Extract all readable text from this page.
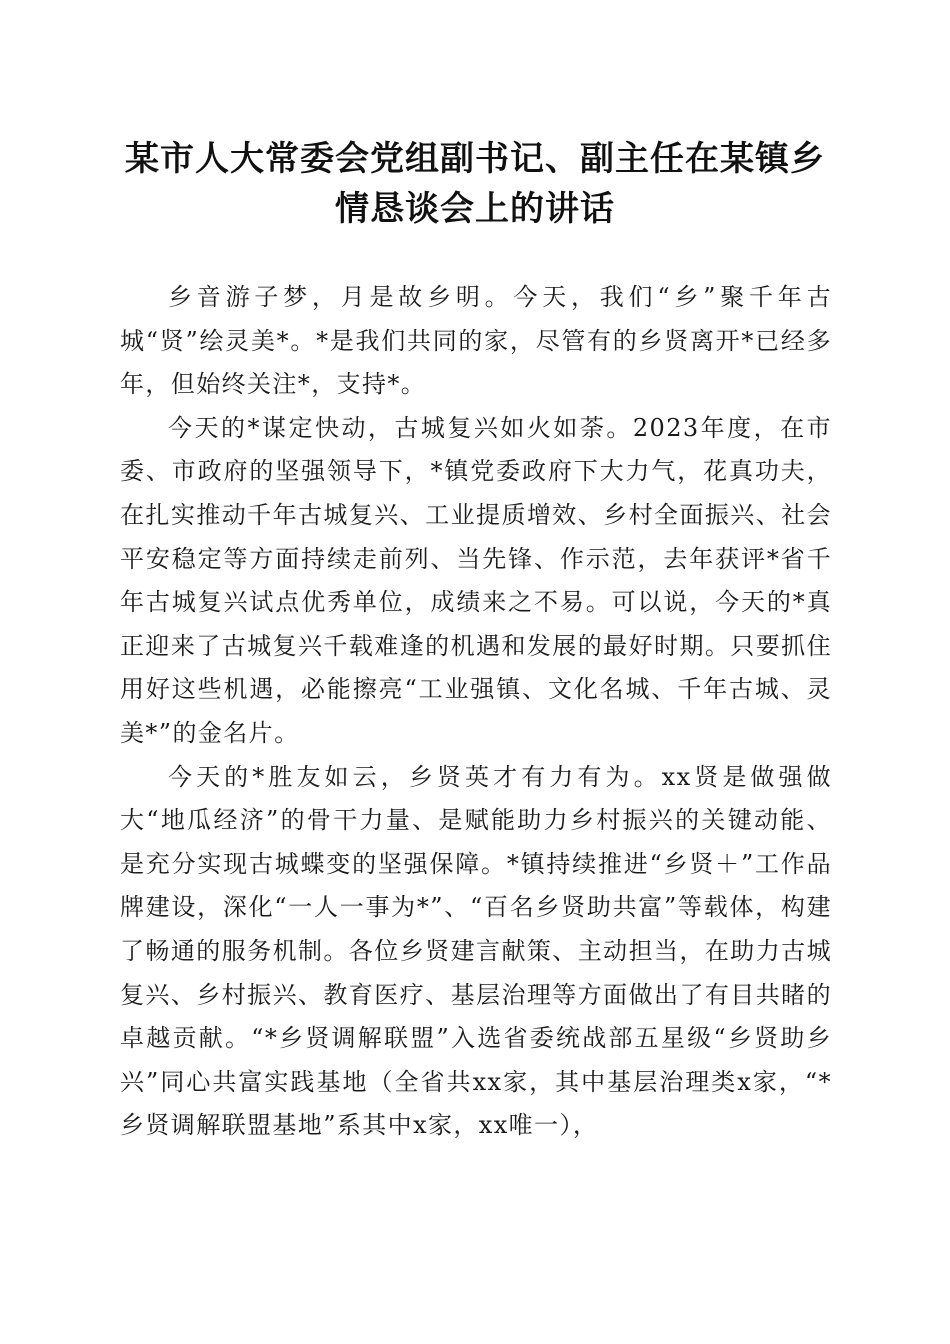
某市人大常委会党组副书记、副主任在某镇乡
情恳谈会上的讲话

乡音游子梦，月是故乡明。今天，我们“乡”聚千年古城“贤”绘灵美*。*是我们共同的家，尽管有的乡贤离开*已经多年，但始终关注*，支持*。

今天的*谋定快动，古城复兴如火如荼。2023年度，在市委、市政府的坚强领导下，*镇党委政府下大力气，花真功夫，在扎实推动千年古城复兴、工业提质增效、乡村全面振兴、社会平安稳定等方面持续走前列、当先锋、作示范，去年获评*省千年古城复兴试点优秀单位，成绩来之不易。可以说，今天的*真正迎来了古城复兴千载难逢的机遇和发展的最好时期。只要抓住用好这些机遇，必能擦亮“工业强镇、文化名城、千年古城、灵美*”的金名片。

今天的*胜友如云，乡贤英才有力有为。xx贤是做强做大“地瓜经济”的骨干力量、是赋能助力乡村振兴的关键动能、是充分实现古城蝶变的坚强保障。*镇持续推进“乡贤＋”工作品牌建设，深化“一人一事为*”、“百名乡贤助共富”等载体，构建了畅通的服务机制。各位乡贤建言献策、主动担当，在助力古城复兴、乡村振兴、教育医疗、基层治理等方面做出了有目共睹的卓越贡献。“*乡贤调解联盟”入选省委统战部五星级“乡贤助乡兴”同心共富实践基地（全省共xx家，其中基层治理类x家，“*乡贤调解联盟基地”系其中x家，xx唯一），
